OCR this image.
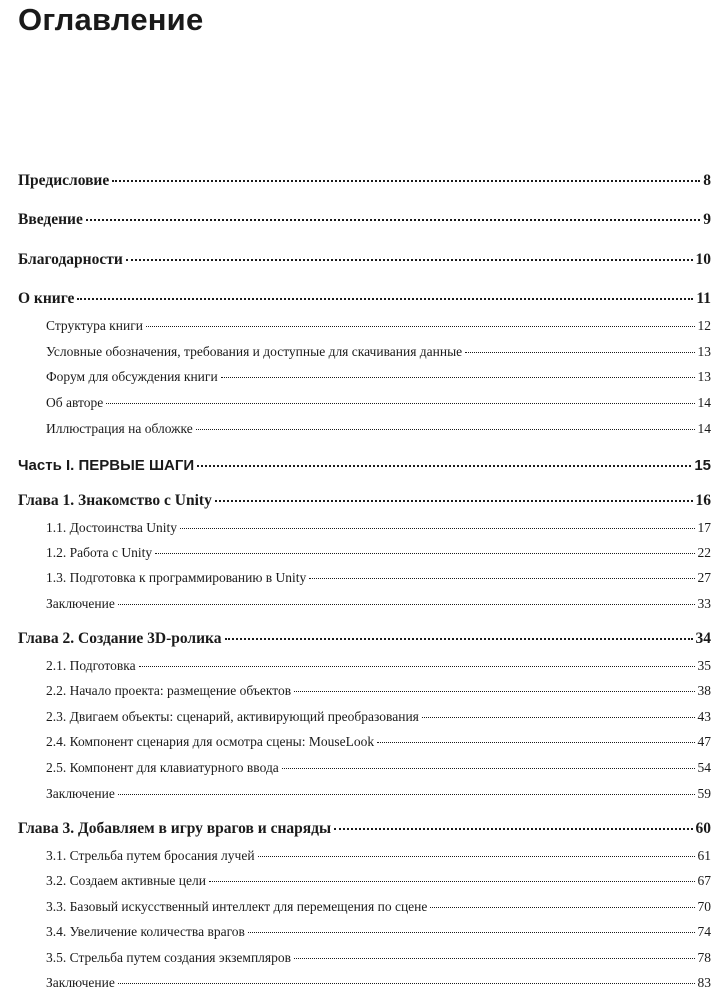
Оглавление
Предисловие	8
Введение	9
Благодарности	10
О книге	11
Структура книги	12
Условные обозначения, требования и доступные для скачивания данные	13
Форум для обсуждения книги	13
Об авторе	14
Иллюстрация на обложке	14
Часть I. ПЕРВЫЕ ШАГИ	15
Глава 1. Знакомство с Unity	16
1.1. Достоинства Unity	17
1.2. Работа с Unity	22
1.3. Подготовка к программированию в Unity	27
Заключение	33
Глава 2. Создание 3D-ролика	34
2.1. Подготовка	35
2.2. Начало проекта: размещение объектов	38
2.3. Двигаем объекты: сценарий, активирующий преобразования	43
2.4. Компонент сценария для осмотра сцены: MouseLook	47
2.5. Компонент для клавиатурного ввода	54
Заключение	59
Глава 3. Добавляем в игру врагов и снаряды	60
3.1. Стрельба путем бросания лучей	61
3.2. Создаем активные цели	67
3.3. Базовый искусственный интеллект для перемещения по сцене	70
3.4. Увеличение количества врагов	74
3.5. Стрельба путем создания экземпляров	78
Заключение	83
